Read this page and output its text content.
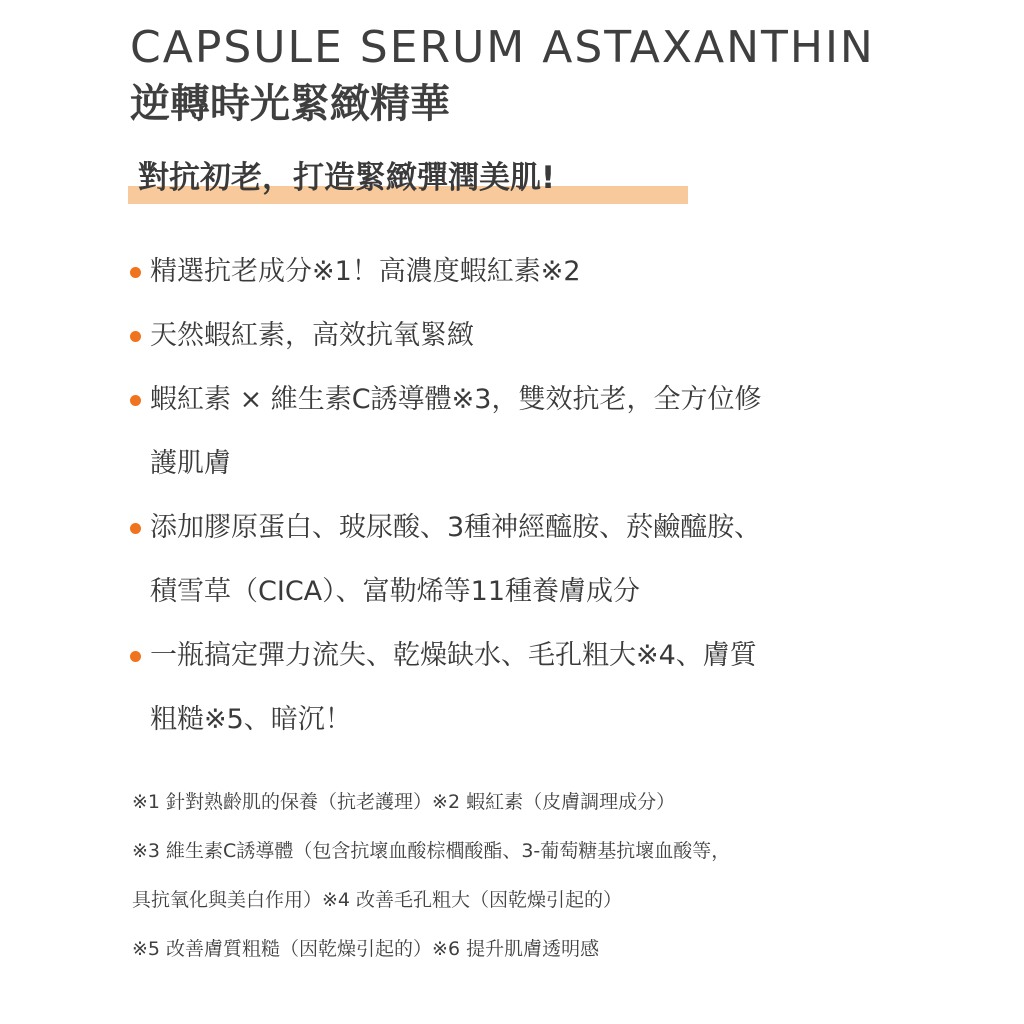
CAPSULE SERUM ASTAXANTHIN
逆轉時光緊緻精華
對抗初老，打造緊緻彈潤美肌!
精選抗老成分※1！高濃度蝦紅素※2
天然蝦紅素，高效抗氧緊緻
蝦紅素 × 維生素C誘導體※3，雙效抗老，全方位修
護肌膚
添加膠原蛋白、玻尿酸、3種神經醯胺、菸鹼醯胺、
積雪草（CICA）、富勒烯等11種養膚成分
一瓶搞定彈力流失、乾燥缺水、毛孔粗大※4、膚質
粗糙※5、暗沉！
※1 針對熟齡肌的保養（抗老護理）※2 蝦紅素（皮膚調理成分）
※3 維生素C誘導體（包含抗壞血酸棕櫚酸酯、3-葡萄糖基抗壞血酸等，
具抗氧化與美白作用）※4 改善毛孔粗大（因乾燥引起的）
※5 改善膚質粗糙（因乾燥引起的）※6 提升肌膚透明感
